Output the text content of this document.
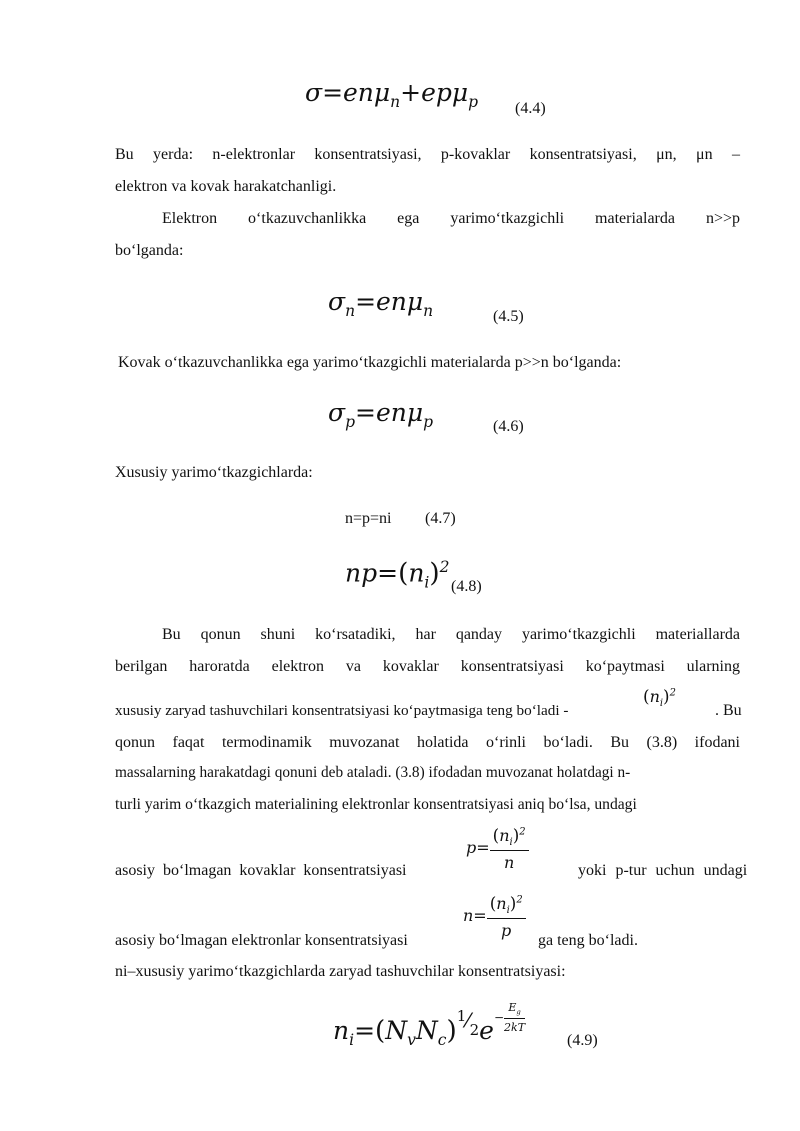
σ=enμ$_n$+epμ$_p$ (4.4)
Bu yerda: n-elektronlar konsentratsiyasi, p-kovaklar konsentratsiyasi, μn, μn –
elektron va kovak harakatchanligi.
Elektron o‘tkazuvchanlikka ega yarimo‘tkazgichli materialarda n>>p
bo‘lganda:
$\sigma_n=en\mu_n$	(4.5)
Kovak o‘tkazuvchanlikka ega yarimo‘tkazgichli materialarda p>>n bo‘lganda:
$\sigma_p=en\mu_p$	(4.6)
Xususiy yarimo‘tkazgichlarda:
n=p=ni (4.7)
$np=(n_i)^2$
(4.8)
Bu qonun shuni ko‘rsatadiki, har qanday yarimo‘tkazgichli materiallarda
berilgan haroratda elektron va kovaklar konsentratsiyasi ko‘paytmasi ularning
xususiy zaryad tashuvchilari konsentratsiyasi ko‘paytmasiga teng bo‘ladi -
$(n_i)^2$
. Bu
qonun faqat termodinamik muvozanat holatida o‘rinli bo‘ladi. Bu (3.8) ifodani
massalarning harakatdagi qonuni deb ataladi. (3.8) ifodadan muvozanat holatdagi n-
turli yarim o‘tkazgich materialining elektronlar konsentratsiyasi aniq bo‘lsa, undagi
asosiy bo‘lmagan kovaklar konsentratsiyasi
$p= \frac{(n_i)^2}{n}$	yoki p-tur uchun undagi
asosiy bo‘lmagan elektronlar konsentratsiyasi
$n= \frac{(n_i)^2}{p}$
ga teng bo‘ladi.
ni–xususiy yarimo‘tkazgichlarda zaryad tashuvchilar konsentratsiyasi:
$n_i=(N_vN_c)1⁄_2e- \frac{E_g}{2kT}$
(4.9)
